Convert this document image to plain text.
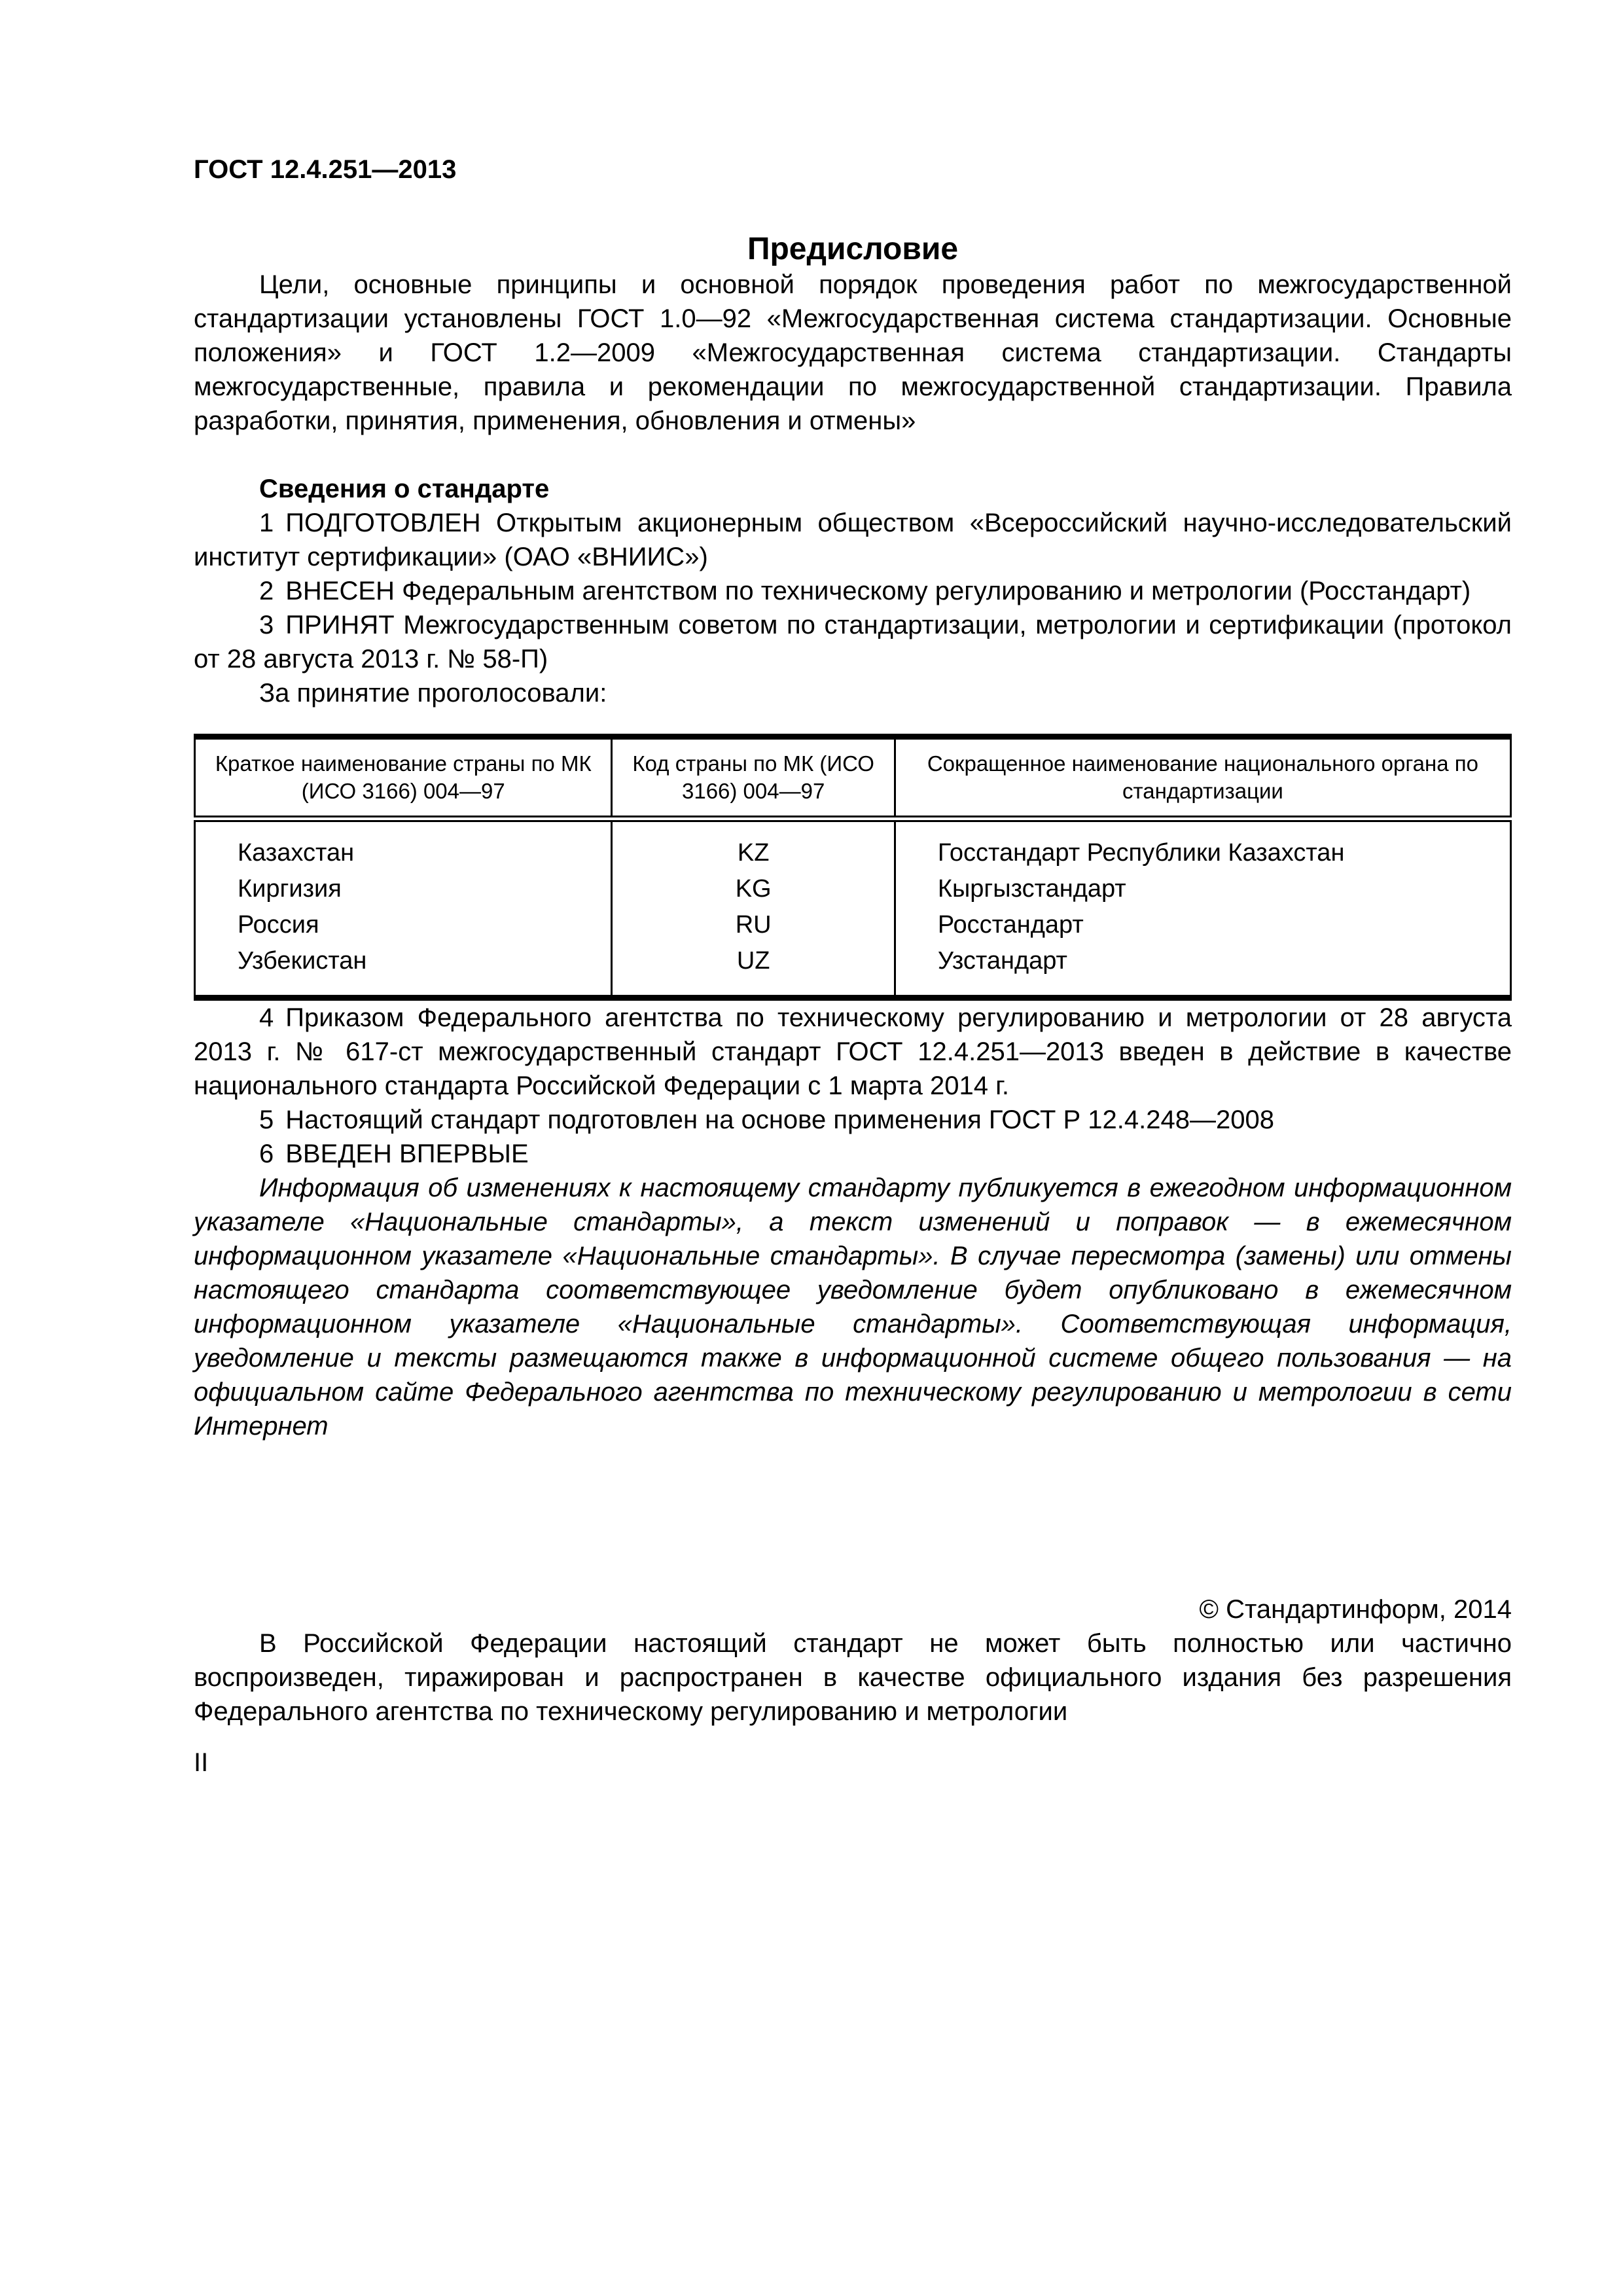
ГОСТ 12.4.251—2013
Предисловие

Цели, основные принципы и основной порядок проведения работ по межгосударственной стандартизации установлены ГОСТ 1.0—92 «Межгосударственная система стандартизации. Основные положения» и ГОСТ 1.2—2009 «Межгосударственная система стандартизации. Стандарты межгосударственные, правила и рекомендации по межгосударственной стандартизации. Правила разработки, принятия, применения, обновления и отмены»

Сведения о стандарте

1 ПОДГОТОВЛЕН Открытым акционерным обществом «Всероссийский научно-исследовательский институт сертификации» (ОАО «ВНИИС»)

2 ВНЕСЕН Федеральным агентством по техническому регулированию и метрологии (Росстандарт)

3 ПРИНЯТ Межгосударственным советом по стандартизации, метрологии и сертификации (протокол от 28 августа 2013 г. № 58-П)

За принятие проголосовали:

Краткое наименование страны по МК (ИСО 3166) 004—97	Код страны по МК (ИСО 3166) 004—97	Сокращенное наименование национального органа по стандартизации
Казахстан	KZ	Госстандарт Республики Казахстан
Киргизия	KG	Кыргызстандарт
Россия	RU	Росстандарт
Узбекистан	UZ	Узстандарт

4 Приказом Федерального агентства по техническому регулированию и метрологии от 28 августа 2013 г. № 617-ст межгосударственный стандарт ГОСТ 12.4.251—2013 введен в действие в качестве национального стандарта Российской Федерации с 1 марта 2014 г.

5 Настоящий стандарт подготовлен на основе применения ГОСТ Р 12.4.248—2008

6 ВВЕДЕН ВПЕРВЫЕ

Информация об изменениях к настоящему стандарту публикуется в ежегодном информационном указателе «Национальные стандарты», а текст изменений и поправок — в ежемесячном информационном указателе «Национальные стандарты». В случае пересмотра (замены) или отмены настоящего стандарта соответствующее уведомление будет опубликовано в ежемесячном информационном указателе «Национальные стандарты». Соответствующая информация, уведомление и тексты размещаются также в информационной системе общего пользования — на официальном сайте Федерального агентства по техническому регулированию и метрологии в сети Интернет

© Стандартинформ, 2014

В Российской Федерации настоящий стандарт не может быть полностью или частично воспроизведен, тиражирован и распространен в качестве официального издания без разрешения Федерального агентства по техническому регулированию и метрологии

II
